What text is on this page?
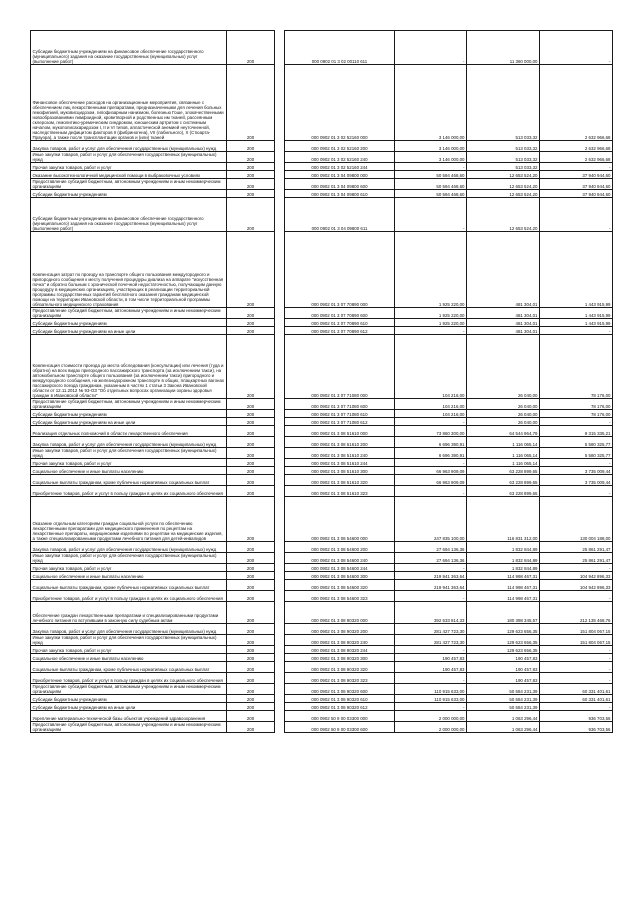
Субсидии бюджетным учреждениям на финансовое обеспечение государственного (муниципального) задания на оказание государственных (муниципальных) услуг (выполнение работ)	200		000 0902 01 3 02 00110 611	-	11 360 000,00	-
Финансовое обеспечение расходов на организационные мероприятия, связанные с обеспечением лиц лекарственными препаратами, предназначенными для лечения больных гемофилией, муковисцидозом, гипофизарным нанизмом, болезнью Гоше, злокачественными новообразованиями лимфоидной, кроветворной и родственных им тканей, рассеянным склерозом, гемолитико-уремическим синдромом, юношеским артритом с системным началом, мукополисахаридозом I, II и VI типов, апластической анемией неуточненной, наследственным дефицитом факторов II (фибриногена), VII (лабильного), X (Стюарта-Прауэра), а также после трансплантации органов и (или) тканей	200		000 0902 01 3 02 52160 000	3 146 000,00	513 033,32	2 632 966,68
Закупка товаров, работ и услуг для обеспечения государственных (муниципальных) нужд	200		000 0902 01 3 02 52160 200	3 146 000,00	513 033,32	2 632 966,68
Иные закупки товаров, работ и услуг для обеспечения государственных (муниципальных) нужд	200		000 0902 01 3 02 52160 240	3 146 000,00	513 033,32	2 632 966,68
Прочая закупка товаров, работ и услуг	200		000 0902 01 3 02 52160 244	-	513 033,32	-
Оказание высокотехнологичной медицинской помощи в выбраковочных условиях	200		000 0902 01 3 04 09800 000	50 594 468,60	12 653 524,20	37 940 944,60
Предоставление субсидий бюджетным, автономным учреждениям и иным некоммерческим организациям	200		000 0902 01 3 04 09800 600	50 594 468,60	12 653 524,20	37 940 944,60
Субсидии бюджетным учреждениям	200		000 0902 01 3 04 09800 610	50 594 468,60	12 653 524,20	37 940 944,60
Субсидии бюджетным учреждениям на финансовое обеспечение государственного (муниципального) задания на оказание государственных (муниципальных) услуг (выполнение работ)	200		000 0902 01 3 04 09800 611	-	12 653 524,20	-
Компенсация затрат по проезду на транспорте общего пользования междугородного и пригородного сообщения к месту получения процедуры диализа на аппарате "искусственная почка" и обратно больным с хронической почечной недостаточностью, получающим данную процедуру в медицинских организациях, участвующих в реализации территориальной программы государственных гарантий бесплатного оказания гражданам медицинской помощи на территории Ивановской области, в том числе территориальной программы обязательного медицинского страхования	200		000 0902 01 3 07 70890 000	1 925 220,00	481 304,01	1 443 915,99
Предоставление субсидий бюджетным, автономным учреждениям и иным некоммерческим организациям	200		000 0902 01 3 07 70890 600	1 925 220,00	481 304,01	1 443 915,99
Субсидии бюджетным учреждениям	200		000 0902 01 3 07 70890 610	1 925 220,00	481 304,01	1 443 915,99
Субсидии бюджетным учреждениям на иные цели	200		000 0902 01 3 07 70890 612	-	481 304,01	-
Компенсация стоимости проезда до места обследования (консультации) или лечения (туда и обратно) на всех видах пригородного пассажирского транспорта (за исключением такси), на автомобильном транспорте общего пользования (за исключением такси) пригородного и междугородного сообщения, на железнодорожном транспорте в общих, плацкартных вагонах пассажирского поезда гражданам, указанным в частях 1 статьи 3 Закона Ивановской области от 12.11.2012 № 93-ОЗ "Об отдельных вопросах организации охраны здоровья граждан в Ивановской области"	200		000 0902 01 3 07 71080 000	104 216,00	26 040,00	78 176,00
Предоставление субсидий бюджетным, автономным учреждениям и иным некоммерческим организациям	200		000 0902 01 3 07 71080 600	104 216,00	26 040,00	78 176,00
Субсидии бюджетным учреждениям	200		000 0902 01 3 07 71080 610	104 216,00	26 040,00	78 176,00
Субсидии бюджетным учреждениям на иные цели	200		000 0902 01 3 07 71080 612	-	26 040,00	-
Реализация отдельных полномочий в области лекарственного обеспечения	200		000 0902 01 3 08 51610 000	73 860 300,00	64 544 964,79	9 315 335,21
Закупка товаров, работ и услуг для обеспечения государственных (муниципальных) нужд	200		000 0902 01 3 08 51610 200	6 696 390,91	1 116 065,14	5 580 325,77
Иные закупки товаров, работ и услуг для обеспечения государственных (муниципальных) нужд	200		000 0902 01 3 08 51610 240	6 696 390,91	1 116 065,14	5 580 325,77
Прочая закупка товаров, работ и услуг	200		000 0902 01 3 08 51610 244	-	1 116 065,14	-
Социальное обеспечение и иные выплаты населению	200		000 0902 01 3 08 51610 300	66 963 909,09	63 228 899,65	3 735 009,44
Социальные выплаты гражданам, кроме публичных нормативных социальных выплат	200		000 0902 01 3 08 51610 320	66 963 909,09	63 228 899,65	3 735 009,44
Приобретение товаров, работ и услуг в пользу граждан в целях их социального обеспечения	200		000 0902 01 3 08 51610 323	-	63 228 899,65	-
Оказание отдельным категориям граждан социальной услуги по обеспечению лекарственными препаратами для медицинского применения по рецептам на лекарственные препараты, медицинскими изделиями по рецептам на медицинские изделия, а также специализированными продуктами лечебного питания для детей-инвалидов	200		000 0902 01 3 08 54600 000	247 835 100,00	116 831 312,00	130 004 188,00
Закупка товаров, работ и услуг для обеспечения государственных (муниципальных) нужд	200		000 0902 01 3 08 54600 200	27 694 136,36	1 832 844,89	25 861 291,47
Иные закупки товаров, работ и услуг для обеспечения государственных (муниципальных) нужд	200		000 0902 01 3 08 54600 240	27 694 136,36	1 832 844,89	25 861 291,47
Прочая закупка товаров, работ и услуг	200		000 0902 01 3 08 54600 244	-	1 832 844,89	-
Социальное обеспечение и иные выплаты населению	200		000 0902 01 3 08 54600 300	219 941 363,64	114 998 467,31	104 942 896,33
Социальные выплаты гражданам, кроме публичных нормативных социальных выплат	200		000 0902 01 3 08 54600 320	219 941 363,64	114 998 467,31	104 942 896,33
Приобретение товаров, работ и услуг в пользу граждан в целях их социального обеспечения	200		000 0902 01 3 08 54600 323	-	114 998 467,31	-
Обеспечение граждан лекарственными препаратами и специализированными продуктами лечебного питания по вступившим в законную силу судебным актам	200		000 0902 01 3 08 90320 000	392 533 814,33	180 398 345,57	212 135 468,76
Закупка товаров, работ и услуг для обеспечения государственных (муниципальных) нужд	200		000 0902 01 3 08 90320 200	281 427 723,30	129 623 656,35	151 804 067,15
Иные закупки товаров, работ и услуг для обеспечения государственных (муниципальных) нужд	200		000 0902 01 3 08 90320 240	281 427 723,30	129 623 656,35	151 804 067,15
Прочая закупка товаров, работ и услуг	200		000 0902 01 3 08 90320 244	-	129 623 656,35	-
Социальное обеспечение и иные выплаты населению	200		000 0902 01 3 08 90320 300	190 457,83	190 457,83	-
Социальные выплаты гражданам, кроме публичных нормативных социальных выплат	200		000 0902 01 3 08 90320 320	190 457,83	190 457,83	-
Приобретение товаров, работ и услуг в пользу граждан в целях их социального обеспечения	200		000 0902 01 3 08 90320 323	-	190 457,83	-
Предоставление субсидий бюджетным, автономным учреждениям и иным некоммерческим организациям	200		000 0902 01 3 08 90320 600	110 915 633,00	50 584 231,39	60 331 401,61
Субсидии бюджетным учреждениям	200		000 0902 01 3 08 90320 610	110 915 633,00	50 584 231,39	60 331 401,61
Субсидии бюджетным учреждениям на иные цели	200		000 0902 01 3 08 90320 612	-	50 584 231,39	-
Укрепление материально-технической базы объектов учреждений здравоохранения	200		000 0902 50 9 00 03300 000	2 000 000,00	1 063 296,44	936 703,56
Предоставление субсидий бюджетным, автономным учреждениям и иным некоммерческим организациям	200		000 0902 50 9 00 03300 600	2 000 000,00	1 063 296,44	936 703,56
